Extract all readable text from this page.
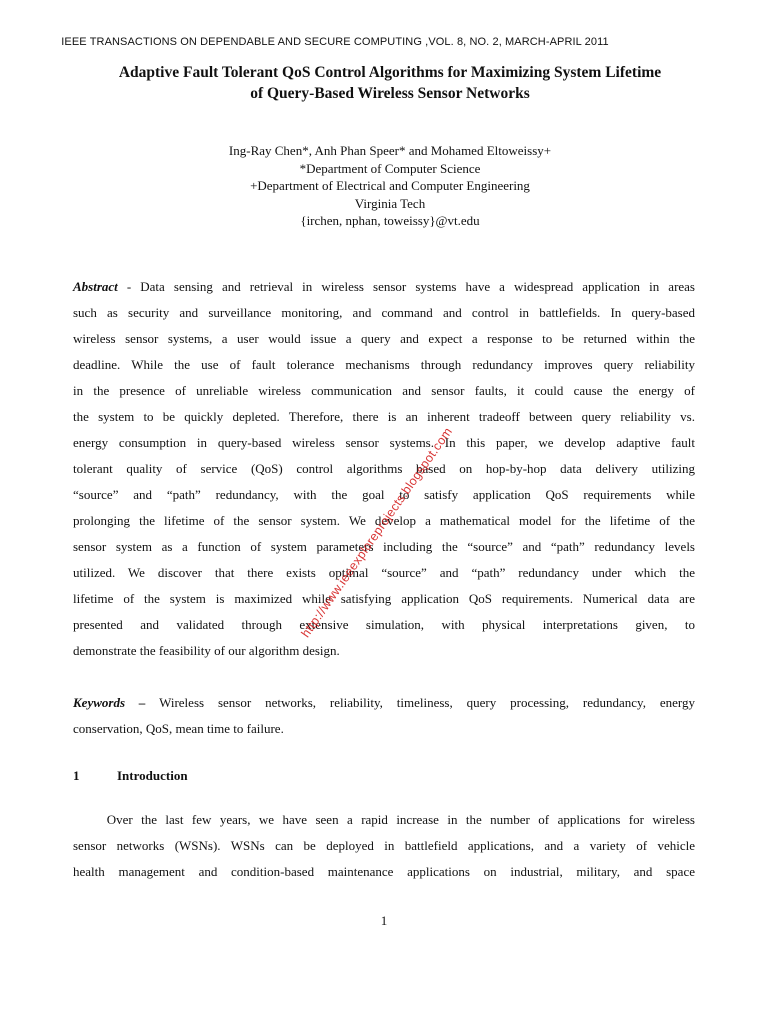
IEEE TRANSACTIONS ON DEPENDABLE AND SECURE COMPUTING ,VOL. 8, NO. 2, MARCH-APRIL 2011
Adaptive Fault Tolerant QoS Control Algorithms for Maximizing System Lifetime
of Query-Based Wireless Sensor Networks
Ing-Ray Chen*, Anh Phan Speer* and Mohamed Eltoweissy+
*Department of Computer Science
+Department of Electrical and Computer Engineering
Virginia Tech
{irchen, nphan, toweissy}@vt.edu

Abstract - Data sensing and retrieval in wireless sensor systems have a widespread application in areas
such as security and surveillance monitoring, and command and control in battlefields. In query-based
wireless sensor systems, a user would issue a query and expect a response to be returned within the
deadline. While the use of fault tolerance mechanisms through redundancy improves query reliability
in the presence of unreliable wireless communication and sensor faults, it could cause the energy of
the system to be quickly depleted. Therefore, there is an inherent tradeoff between query reliability vs.
energy consumption in query-based wireless sensor systems. In this paper, we develop adaptive fault
tolerant quality of service (QoS) control algorithms based on hop-by-hop data delivery utilizing
“source” and “path” redundancy, with the goal to satisfy application QoS requirements while
prolonging the lifetime of the sensor system. We develop a mathematical model for the lifetime of the
sensor system as a function of system parameters including the “source” and “path” redundancy levels
utilized. We discover that there exists optimal “source” and “path” redundancy under which the
lifetime of the system is maximized while satisfying application QoS requirements. Numerical data are
presented and validated through extensive simulation, with physical interpretations given, to
demonstrate the feasibility of our algorithm design.

Keywords – Wireless sensor networks, reliability, timeliness, query processing, redundancy, energy
conservation, QoS, mean time to failure.

1	Introduction

Over the last few years, we have seen a rapid increase in the number of applications for wireless
sensor networks (WSNs). WSNs can be deployed in battlefield applications, and a variety of vehicle
health management and condition-based maintenance applications on industrial, military, and space

1
http://www.ieeexploreprojects.blogspot.com
